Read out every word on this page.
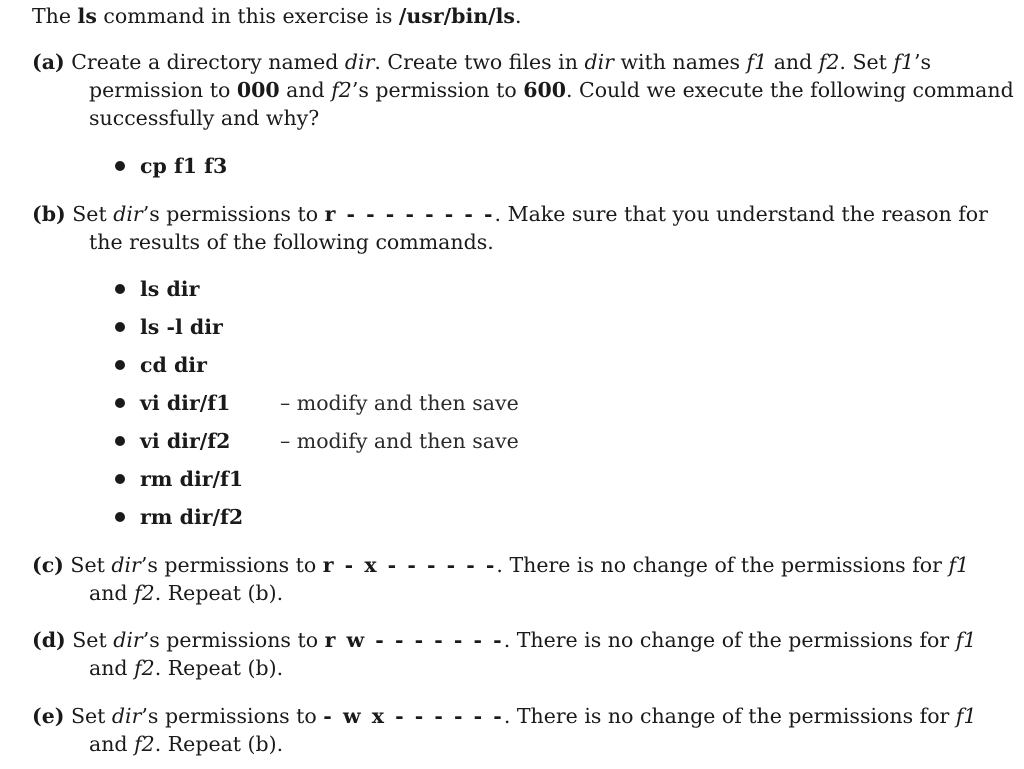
The ls command in this exercise is /usr/bin/ls.
(a) Create a directory named dir. Create two files in dir with names f1 and f2. Set f1’s
permission to 000 and f2’s permission to 600. Could we execute the following command
successfully and why?
cp f1 f3
(b) Set dir’s permissions to r - - - - - - - -. Make sure that you understand the reason for
the results of the following commands.
ls dir
ls -l dir
cd dir
vi dir/f1 – modify and then save
vi dir/f2 – modify and then save
rm dir/f1
rm dir/f2
(c) Set dir’s permissions to r - x - - - - - -. There is no change of the permissions for f1
and f2. Repeat (b).
(d) Set dir’s permissions to r w - - - - - - -. There is no change of the permissions for f1
and f2. Repeat (b).
(e) Set dir’s permissions to - w x - - - - - -. There is no change of the permissions for f1
and f2. Repeat (b).
